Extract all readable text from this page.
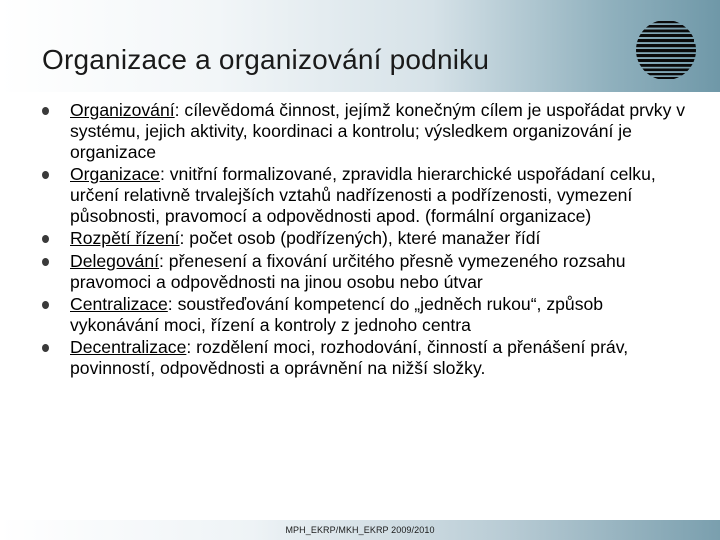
Organizace a organizování podniku
Organizování: cílevědomá činnost, jejímž konečným cílem je uspořádat prvky v systému, jejich aktivity, koordinaci a kontrolu; výsledkem organizování je organizace
Organizace: vnitřní formalizované, zpravidla hierarchické uspořádaní celku, určení relativně trvalejších vztahů nadřízenosti a podřízenosti, vymezení působnosti, pravomocí a odpovědnosti apod. (formální organizace)
Rozpětí řízení: počet osob (podřízených), které manažer řídí
Delegování: přenesení a fixování určitého přesně vymezeného rozsahu pravomoci a odpovědnosti na jinou osobu nebo útvar
Centralizace: soustřeďování kompetencí do „jedněch rukou“, způsob vykonávání moci, řízení a kontroly z jednoho centra
Decentralizace: rozdělení moci, rozhodování, činností a přenášení práv, povinností, odpovědnosti a oprávnění na nižší složky.
MPH_EKRP/MKH_EKRP 2009/2010
